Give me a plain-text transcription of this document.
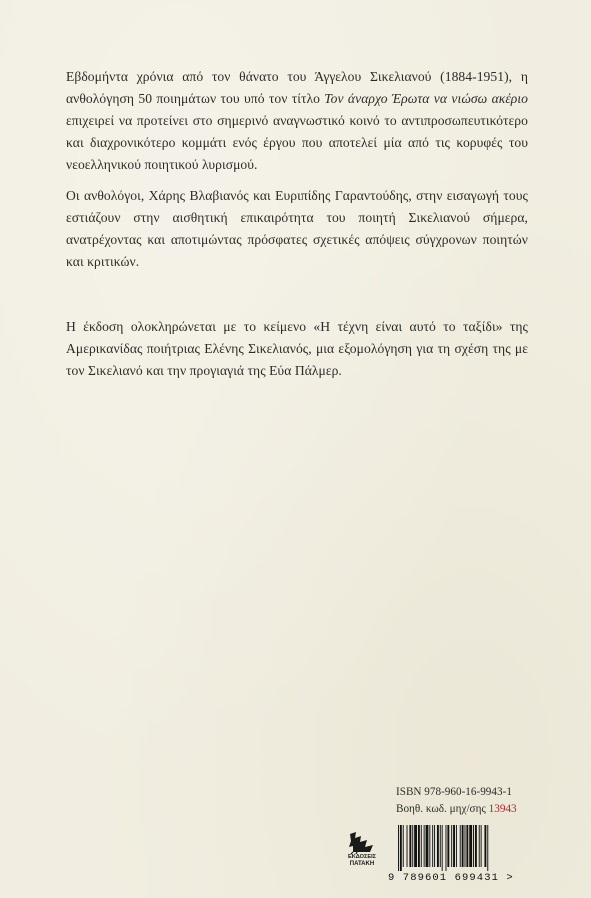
Εβδομήντα χρόνια από τον θάνατο του Άγγελου Σικελιανού (1884-1951), η ανθολόγηση 50 ποιημάτων του υπό τον τίτλο Τον άναρχο Έρωτα να νιώσω ακέριο επιχειρεί να προτείνει στο σημερινό αναγνωστικό κοινό το αντιπροσωπευτικότερο και διαχρονικότερο κομμάτι ενός έργου που αποτελεί μία από τις κορυφές του νεοελληνικού ποιητικού λυρισμού.

Οι ανθολόγοι, Χάρης Βλαβιανός και Ευριπίδης Γαραντούδης, στην εισαγωγή τους εστιάζουν στην αισθητική επικαιρότητα του ποιητή Σικελιανού σήμερα, ανατρέχοντας και αποτιμώντας πρόσφατες σχετικές απόψεις σύγχρονων ποιητών και κριτικών.

Η έκδοση ολοκληρώνεται με το κείμενο «Η τέχνη είναι αυτό το ταξίδι» της Αμερικανίδας ποιήτριας Ελένης Σικελιανός, μια εξομολόγηση για τη σχέση της με τον Σικελιανό και την προγιαγιά της Εύα Πάλμερ.

ISBN 978-960-16-9943-1
Βοηθ. κωδ. μηχ/σης 13943
ΕΚΔΟΣΕΙΣ
ΠΑΤΑΚΗ
9 789601 699431 >
